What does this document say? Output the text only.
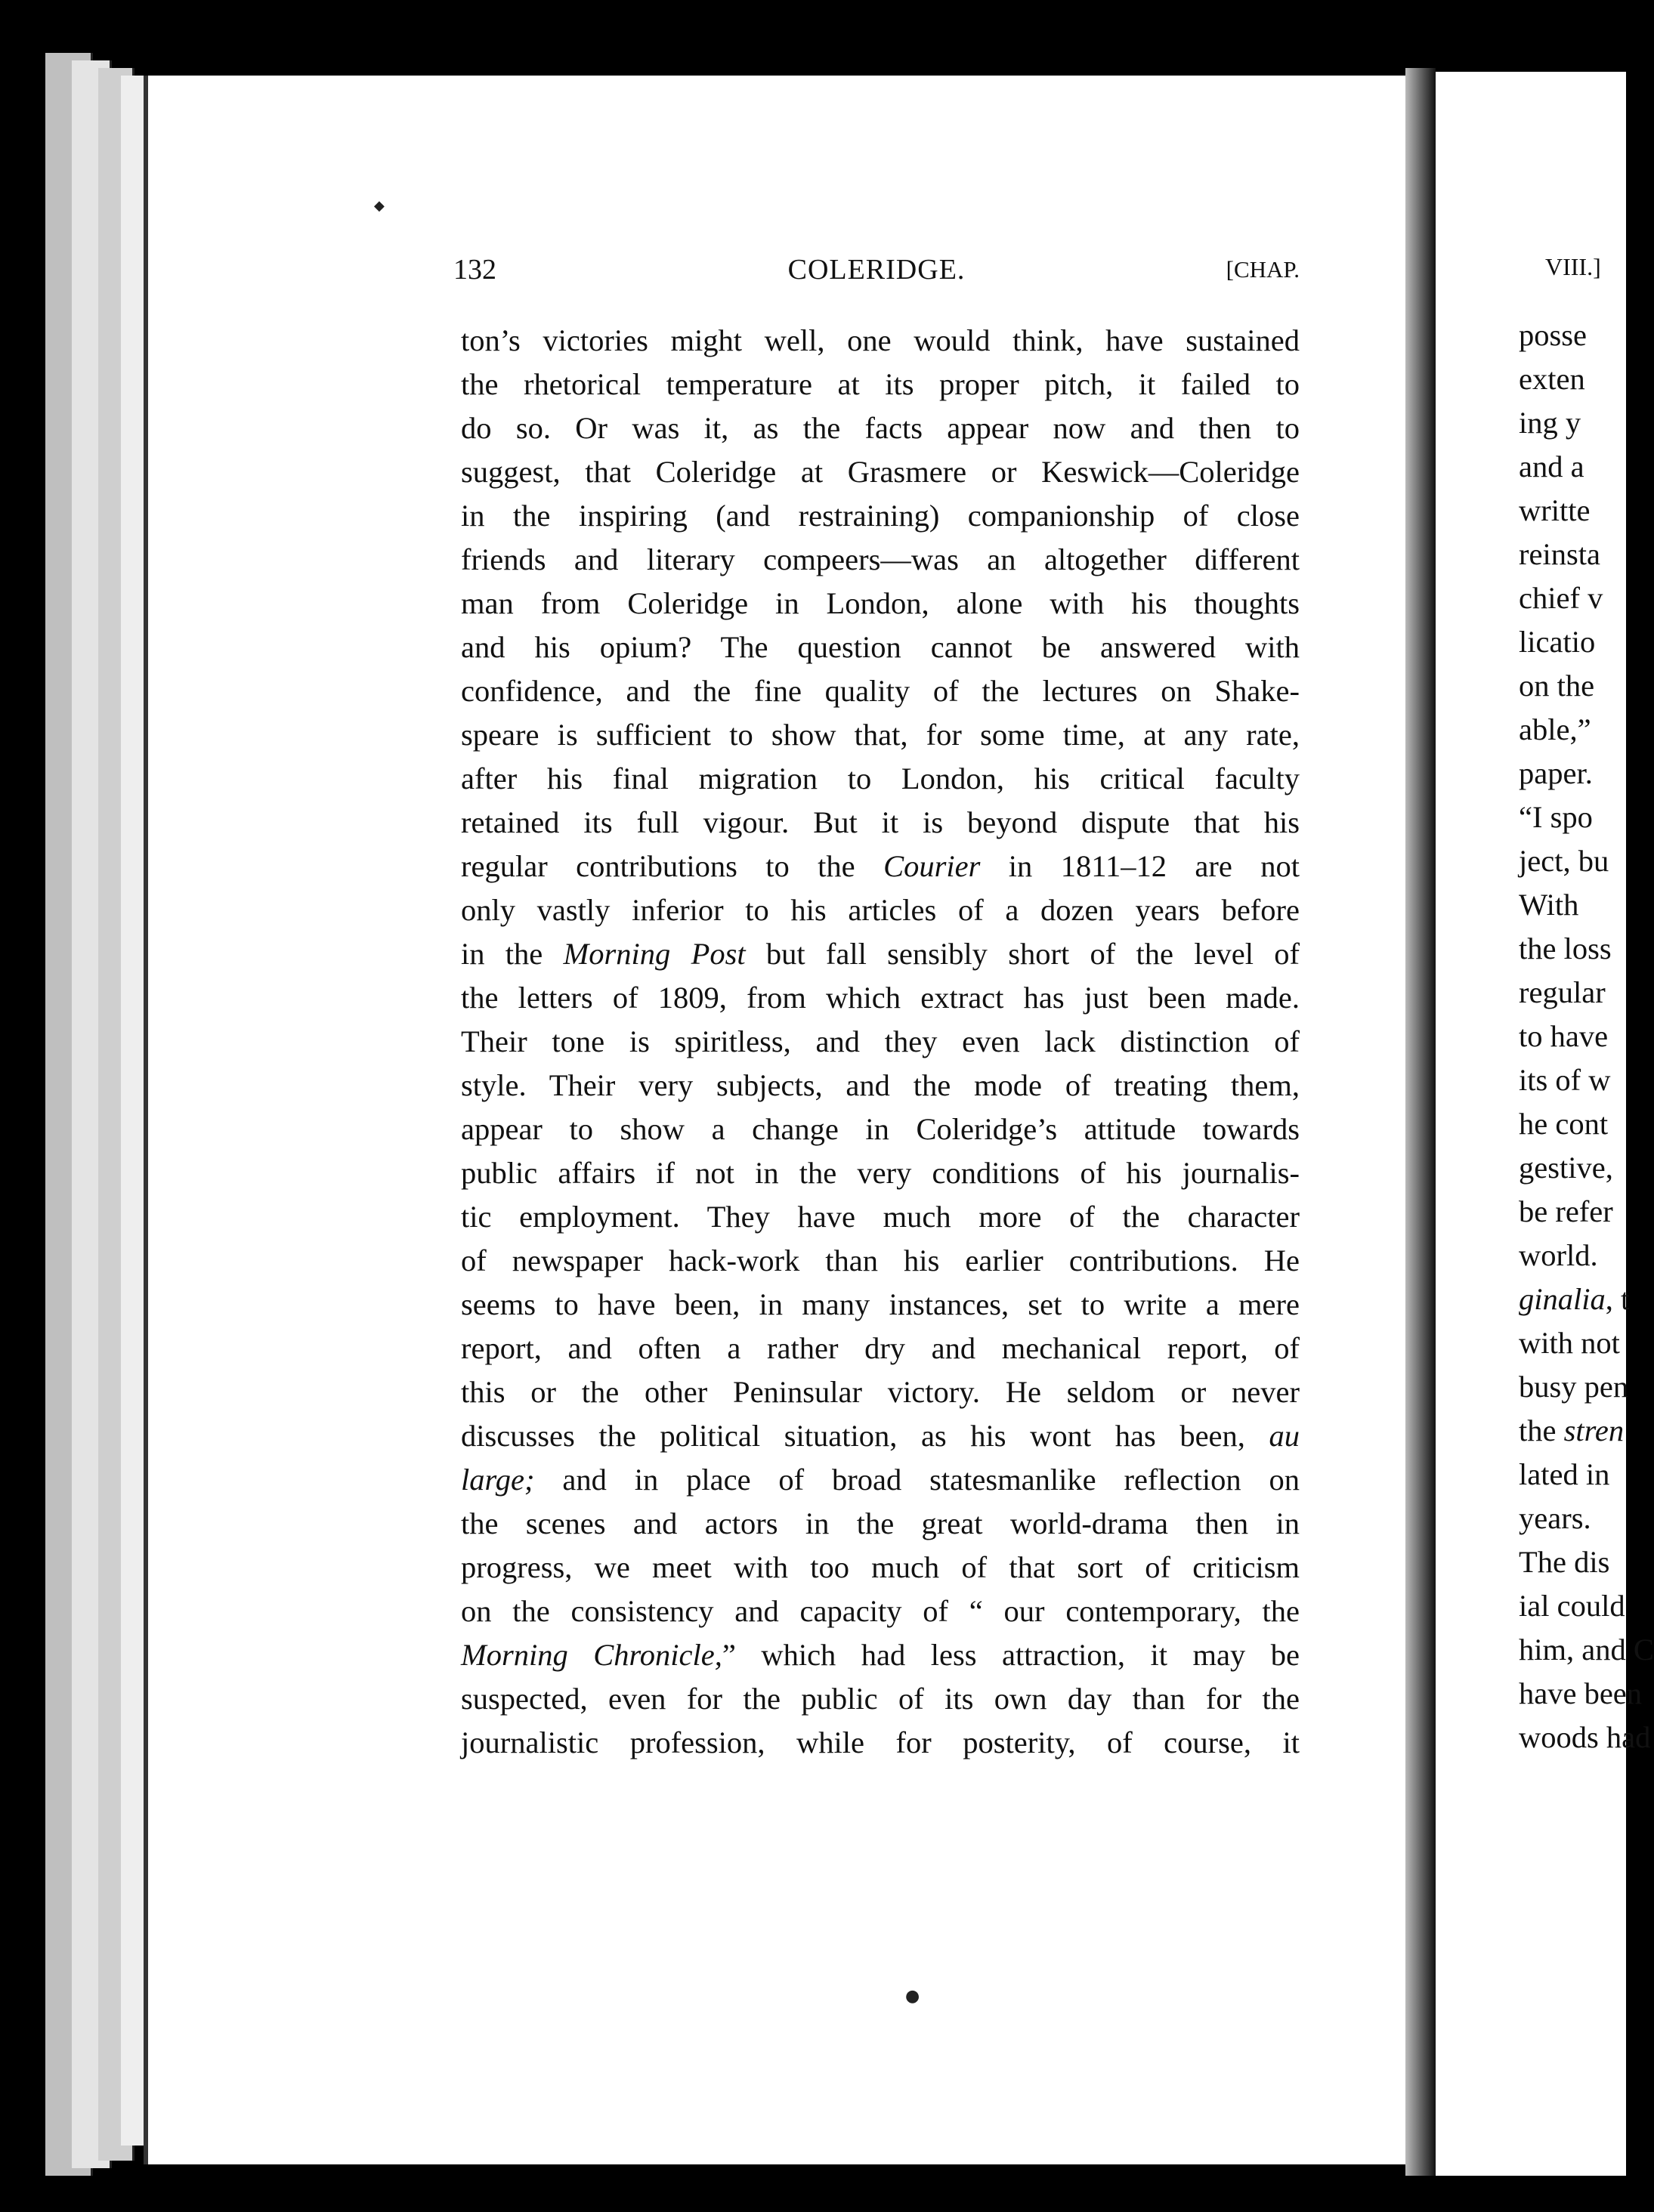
132	COLERIDGE.	[CHAP.
ton’s victories might well, one would think, have sustained
the rhetorical temperature at its proper pitch, it failed to
do so. Or was it, as the facts appear now and then to
suggest, that Coleridge at Grasmere or Keswick—Coleridge
in the inspiring (and restraining) companionship of close
friends and literary compeers—was an altogether different
man from Coleridge in London, alone with his thoughts
and his opium? The question cannot be answered with
confidence, and the fine quality of the lectures on Shake-
speare is sufficient to show that, for some time, at any rate,
after his final migration to London, his critical faculty
retained its full vigour. But it is beyond dispute that his
regular contributions to the Courier in 1811–12 are not
only vastly inferior to his articles of a dozen years before
in the Morning Post but fall sensibly short of the level of
the letters of 1809, from which extract has just been made.
Their tone is spiritless, and they even lack distinction of
style. Their very subjects, and the mode of treating them,
appear to show a change in Coleridge’s attitude towards
public affairs if not in the very conditions of his journalis-
tic employment. They have much more of the character
of newspaper hack-work than his earlier contributions. He
seems to have been, in many instances, set to write a mere
report, and often a rather dry and mechanical report, of
this or the other Peninsular victory. He seldom or never
discusses the political situation, as his wont has been, au
large; and in place of broad statesmanlike reflection on
the scenes and actors in the great world-drama then in
progress, we meet with too much of that sort of criticism
on the consistency and capacity of “ our contemporary, the
Morning Chronicle,” which had less attraction, it may be
suspected, even for the public of its own day than for the
journalistic profession, while for posterity, of course, it
VIII.]
posse
exten
ing y
and a
writte
reinsta
chief v
licatio
on the
able,”
paper.
“I spo
ject, bu
With
the loss
regular
to have
its of w
he cont
gestive,
be refer
world.
ginalia, t
with not
busy pen
the stren
lated in
years.
The dis
ial could
him, and C
have been
woods had
◆
●
